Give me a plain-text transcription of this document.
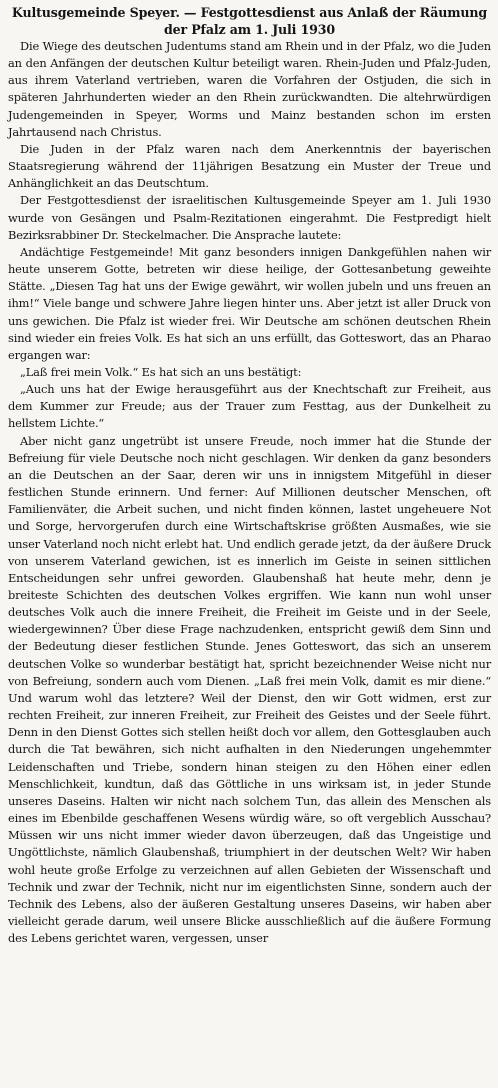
Kultusgemeinde Speyer. — Festgottesdienst aus Anlaß der Räumung der Pfalz am 1. Juli 1930

Die Wiege des deutschen Judentums stand am Rhein und in der Pfalz, wo die Juden an den Anfängen der deutschen Kultur beteiligt waren. Rhein-Juden und Pfalz-Juden, aus ihrem Vaterland vertrieben, waren die Vorfahren der Ostjuden, die sich in späteren Jahrhunderten wieder an den Rhein zurückwandten. Die altehrwürdigen Judengemeinden in Speyer, Worms und Mainz bestanden schon im ersten Jahrtausend nach Christus.

Die Juden in der Pfalz waren nach dem Anerkenntnis der bayerischen Staatsregierung während der 11jährigen Besatzung ein Muster der Treue und Anhänglichkeit an das Deutschtum.

Der Festgottesdienst der israelitischen Kultusgemeinde Speyer am 1. Juli 1930 wurde von Gesängen und Psalm-Rezitationen eingerahmt. Die Festpredigt hielt Bezirksrabbiner Dr. Steckelmacher. Die Ansprache lautete:

Andächtige Festgemeinde! Mit ganz besonders innigen Dankgefühlen nahen wir heute unserem Gotte, betreten wir diese heilige, der Gottesanbetung geweihte Stätte. „Diesen Tag hat uns der Ewige gewährt, wir wollen jubeln und uns freuen an ihm!“ Viele bange und schwere Jahre liegen hinter uns. Aber jetzt ist aller Druck von uns gewichen. Die Pfalz ist wieder frei. Wir Deutsche am schönen deutschen Rhein sind wieder ein freies Volk. Es hat sich an uns erfüllt, das Gotteswort, das an Pharao ergangen war:

„Laß frei mein Volk.“ Es hat sich an uns bestätigt:

„Auch uns hat der Ewige herausgeführt aus der Knechtschaft zur Freiheit, aus dem Kummer zur Freude; aus der Trauer zum Festtag, aus der Dunkelheit zu hellstem Lichte.“

Aber nicht ganz ungetrübt ist unsere Freude, noch immer hat die Stunde der Befreiung für viele Deutsche noch nicht geschlagen. Wir denken da ganz besonders an die Deutschen an der Saar, deren wir uns in innigstem Mitgefühl in dieser festlichen Stunde erinnern. Und ferner: Auf Millionen deutscher Menschen, oft Familienväter, die Arbeit suchen, und nicht finden können, lastet ungeheuere Not und Sorge, hervorgerufen durch eine Wirtschaftskrise größten Ausmaßes, wie sie unser Vaterland noch nicht erlebt hat. Und endlich gerade jetzt, da der äußere Druck von unserem Vaterland gewichen, ist es innerlich im Geiste in seinen sittlichen Entscheidungen sehr unfrei geworden. Glaubenshaß hat heute mehr, denn je breiteste Schichten des deutschen Volkes ergriffen. Wie kann nun wohl unser deutsches Volk auch die innere Freiheit, die Freiheit im Geiste und in der Seele, wiedergewinnen? Über diese Frage nachzudenken, entspricht gewiß dem Sinn und der Bedeutung dieser festlichen Stunde. Jenes Gotteswort, das sich an unserem deutschen Volke so wunderbar bestätigt hat, spricht bezeichnender Weise nicht nur von Befreiung, sondern auch vom Dienen. „Laß frei mein Volk, damit es mir diene.“ Und warum wohl das letztere? Weil der Dienst, den wir Gott widmen, erst zur rechten Freiheit, zur inneren Freiheit, zur Freiheit des Geistes und der Seele führt. Denn in den Dienst Gottes sich stellen heißt doch vor allem, den Gottesglauben auch durch die Tat bewähren, sich nicht aufhalten in den Niederungen ungehemmter Leidenschaften und Triebe, sondern hinan steigen zu den Höhen einer edlen Menschlichkeit, kundtun, daß das Göttliche in uns wirksam ist, in jeder Stunde unseres Daseins. Halten wir nicht nach solchem Tun, das allein des Menschen als eines im Ebenbilde geschaffenen Wesens würdig wäre, so oft vergeblich Ausschau? Müssen wir uns nicht immer wieder davon überzeugen, daß das Ungeistige und Ungöttlichste, nämlich Glaubenshaß, triumphiert in der deutschen Welt? Wir haben wohl heute große Erfolge zu verzeichnen auf allen Gebieten der Wissenschaft und Technik und zwar der Technik, nicht nur im eigentlichsten Sinne, sondern auch der Technik des Lebens, also der äußeren Gestaltung unseres Daseins, wir haben aber vielleicht gerade darum, weil unsere Blicke ausschließlich auf die äußere Formung des Lebens gerichtet waren, vergessen, unser
